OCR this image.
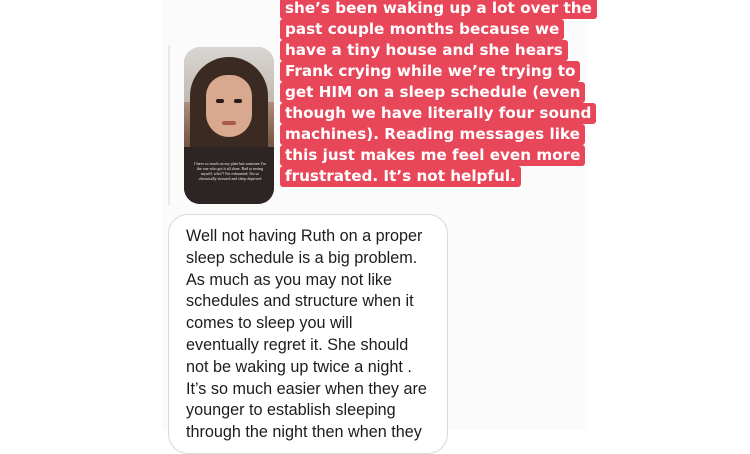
I have so much on my plate but someone I'm the one who got it all done. Bad at seeing myself, who?? I'm exhausted. I'm so chronically stressed and sleep deprived
she’s been waking up a lot over the
past couple months because we
have a tiny house and she hears
Frank crying while we’re trying to
get HIM on a sleep schedule (even
though we have literally four sound
machines). Reading messages like
this just makes me feel even more
frustrated. It’s not helpful.
Well not having Ruth on a proper
sleep schedule is a big problem.
As much as you may not like
schedules and structure when it
comes to sleep you will
eventually regret it. She should
not be waking up twice a night .
It’s so much easier when they are
younger to establish sleeping
through the night then when they
